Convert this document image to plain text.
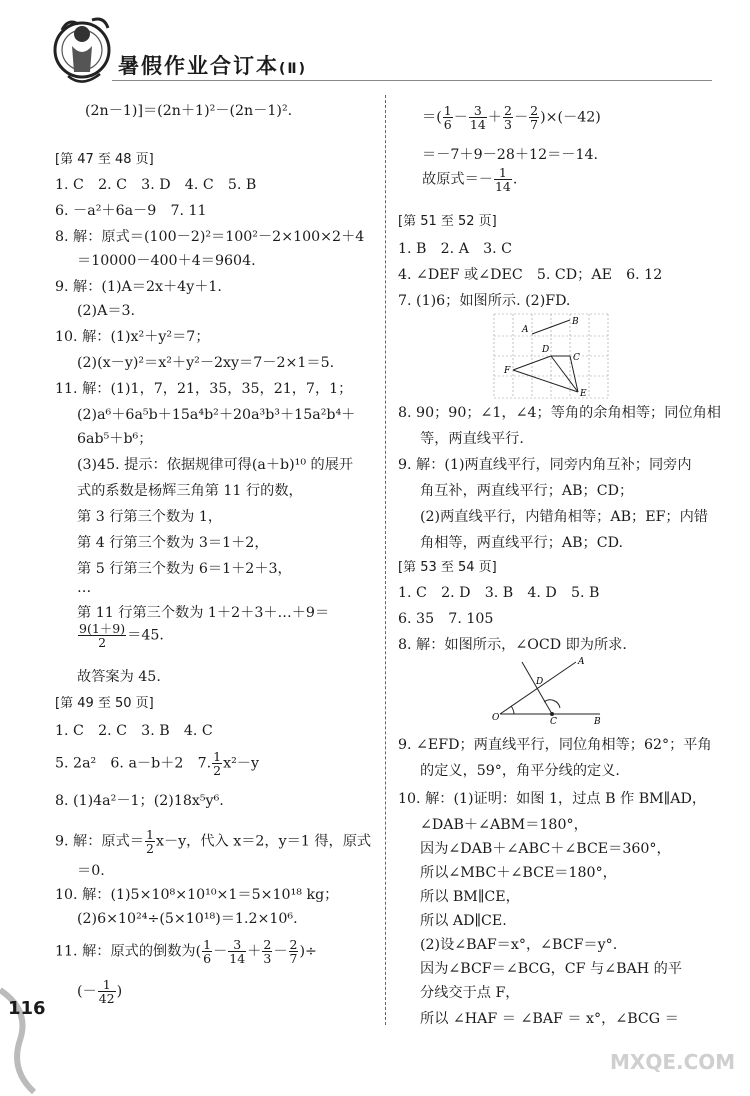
暑假作业合订本(Ⅱ)
(2n－1)]＝(2n＋1)²－(2n－1)².
[第 47 至 48 页]
1. C　2. C　3. D　4. C　5. B
6. －a²＋6a－9　7. 11
8. 解：原式＝(100－2)²＝100²－2×100×2＋4
＝10000－400＋4＝9604.
9. 解：(1)A＝2x＋4y＋1.
(2)A＝3.
10. 解：(1)x²＋y²＝7；
(2)(x－y)²＝x²＋y²－2xy＝7－2×1＝5.
11. 解：(1)1，7，21，35，35，21，7，1；
(2)a⁶＋6a⁵b＋15a⁴b²＋20a³b³＋15a²b⁴＋
6ab⁵＋b⁶；
(3)45. 提示：依据规律可得(a＋b)¹⁰ 的展开
式的系数是杨辉三角第 11 行的数，
第 3 行第三个数为 1，
第 4 行第三个数为 3＝1＋2，
第 5 行第三个数为 6＝1＋2＋3，
…
第 11 行第三个数为 1＋2＋3＋…＋9＝
$\frac{9(1+9)}{2} =45$.
故答案为 45.
[第 49 至 50 页]
1. C　2. C　3. B　4. C
5. 2a²　6. a－b＋2　7. $\frac{1}{2} x^2-y$
8. (1)4a²－1；(2)18x⁵y⁶.
9. 解：原式＝ $\frac{1}{2} x-y$，代入 x＝2，y＝1 得，原式
＝0.
10. 解：(1)5×10⁸×10¹⁰×1＝5×10¹⁸ kg；
(2)6×10²⁴÷(5×10¹⁸)＝1.2×10⁶.
11. 解：原式的倒数为( $\frac{1}{6} - \frac{3}{14} + \frac{2}{3} - \frac{2}{7}$ )÷
(－ $\frac{1}{42}$ )
＝( $\frac{1}{6} - \frac{3}{14} + \frac{2}{3} - \frac{2}{7} )\times(-42)$
＝－7＋9－28＋12＝－14.
故原式＝－ $\frac{1}{14}$ .
[第 51 至 52 页]
1. B　2. A　3. C
4. ∠DEF 或∠DEC　5. CD；AE　6. 12
7. (1)6；如图所示. (2)FD.
8. 90；90；∠1，∠4；等角的余角相等；同位角相
等，两直线平行.
9. 解：(1)两直线平行，同旁内角互补；同旁内
角互补，两直线平行；AB；CD；
(2)两直线平行，内错角相等；AB；EF；内错
角相等，两直线平行；AB；CD.
[第 53 至 54 页]
1. C　2. D　3. B　4. D　5. B
6. 35　7. 105
8. 解：如图所示，∠OCD 即为所求.
9. ∠EFD；两直线平行，同位角相等；62°；平角
的定义，59°，角平分线的定义.
10. 解：(1)证明：如图 1，过点 B 作 BM∥AD，
∠DAB＋∠ABM＝180°，
因为∠DAB＋∠ABC＋∠BCE＝360°，
所以∠MBC＋∠BCE＝180°，
所以 BM∥CE，
所以 AD∥CE.
(2)设∠BAF＝x°，∠BCF＝y°.
因为∠BCF＝∠BCG，CF 与∠BAH 的平
分线交于点 F，
所以 ∠HAF ＝ ∠BAF ＝ x°，∠BCG ＝
A
B
D
C
F
E
A
D
O	C	B
116
MXQE.COM
